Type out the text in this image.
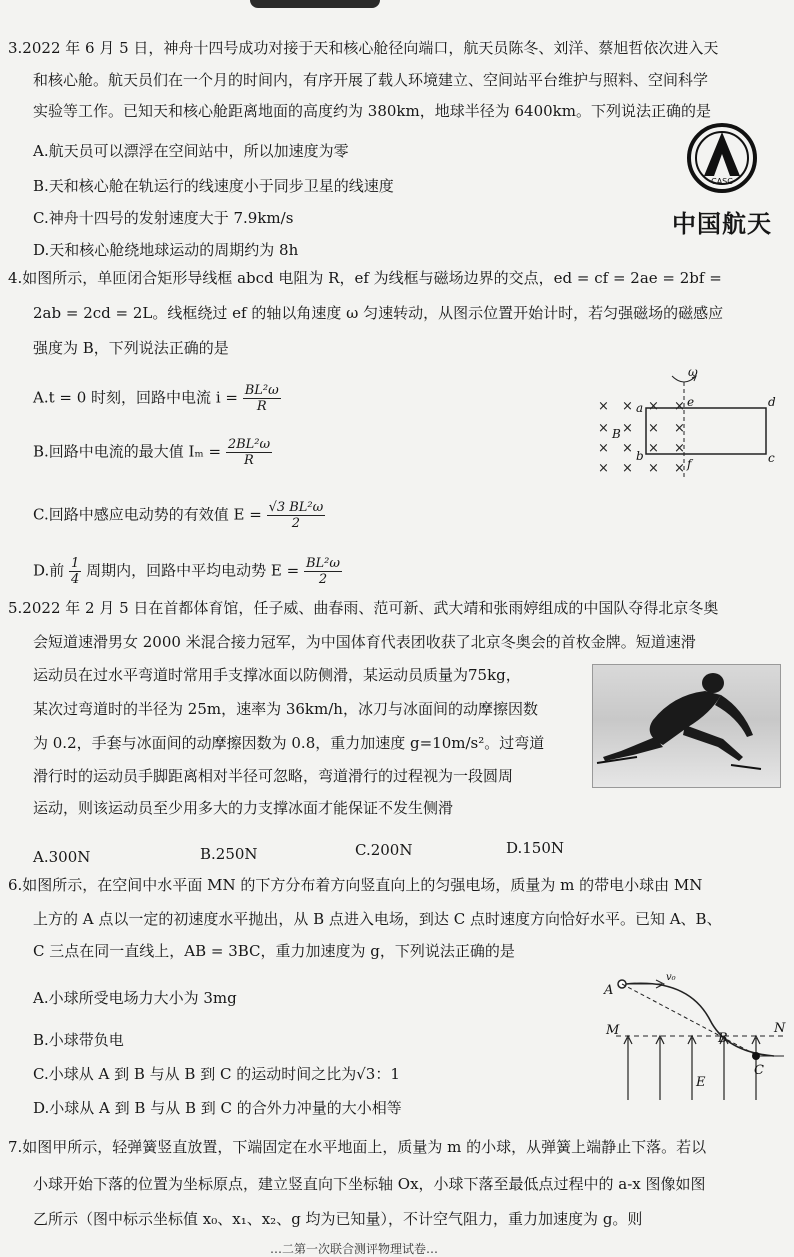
3.2022 年 6 月 5 日，神舟十四号成功对接于天和核心舱径向端口，航天员陈冬、刘洋、蔡旭哲依次进入天
和核心舱。航天员们在一个月的时间内，有序开展了载人环境建立、空间站平台维护与照料、空间科学
实验等工作。已知天和核心舱距离地面的高度约为 380km，地球半径为 6400km。下列说法正确的是
A.航天员可以漂浮在空间站中，所以加速度为零
B.天和核心舱在轨运行的线速度小于同步卫星的线速度
C.神舟十四号的发射速度大于 7.9km/s
D.天和核心舱绕地球运动的周期约为 8h
CASC
中国航天
4.如图所示，单匝闭合矩形导线框 abcd 电阻为 R，ef 为线框与磁场边界的交点，ed = cf = 2ae = 2bf =
2ab = 2cd = 2L。线框绕过 ef 的轴以角速度 ω 匀速转动，从图示位置开始计时，若匀强磁场的磁感应
强度为 B，下列说法正确的是
A.t = 0 时刻，回路中电流 $i = \frac{\text{BL²ω}}{R}$
B.回路中电流的最大值 $I_m = \frac{\text{2BL²ω}}{R}$
C.回路中感应电动势的有效值 $E = \frac{\text{√3 BL²ω}}{2}$
D.前 $\frac{1}{4}$ 周期内，回路中平均电动势 $E = \frac{\text{BL²ω}}{2}$
×
×
×
×
×
×
×
×
×
×
×
×
×
×
×
×
ω
a
b	c
d
e
f
B
5.2022 年 2 月 5 日在首都体育馆，任子威、曲春雨、范可新、武大靖和张雨婷组成的中国队夺得北京冬奥
会短道速滑男女 2000 米混合接力冠军，为中国体育代表团收获了北京冬奥会的首枚金牌。短道速滑
运动员在过水平弯道时常用手支撑冰面以防侧滑，某运动员质量为75kg，
某次过弯道时的半径为 25m，速率为 36km/h，冰刀与冰面间的动摩擦因数
为 0.2，手套与冰面间的动摩擦因数为 0.8，重力加速度 g=10m/s²。过弯道
滑行时的运动员手脚距离相对半径可忽略，弯道滑行的过程视为一段圆周
运动，则该运动员至少用多大的力支撑冰面才能保证不发生侧滑
A.300N	B.250N	C.200N	D.150N
6.如图所示，在空间中水平面 MN 的下方分布着方向竖直向上的匀强电场，质量为 m 的带电小球由 MN
上方的 A 点以一定的初速度水平抛出，从 B 点进入电场，到达 C 点时速度方向恰好水平。已知 A、B、
C 三点在同一直线上，AB = 3BC，重力加速度为 g，下列说法正确的是
A.小球所受电场力大小为 3mg
B.小球带负电
C.小球从 A 到 B 与从 B 到 C 的运动时间之比为√3：1
D.小球从 A 到 B 与从 B 到 C 的合外力冲量的大小相等
A
v₀
M	N
B
C
E
7.如图甲所示，轻弹簧竖直放置，下端固定在水平地面上，质量为 m 的小球，从弹簧上端静止下落。若以
小球开始下落的位置为坐标原点，建立竖直向下坐标轴 Ox，小球下落至最低点过程中的 a-x 图像如图
乙所示（图中标示坐标值 x₀、x₁、x₂、g 均为已知量），不计空气阻力，重力加速度为 g。则
…二第一次联合测评物理试卷…
